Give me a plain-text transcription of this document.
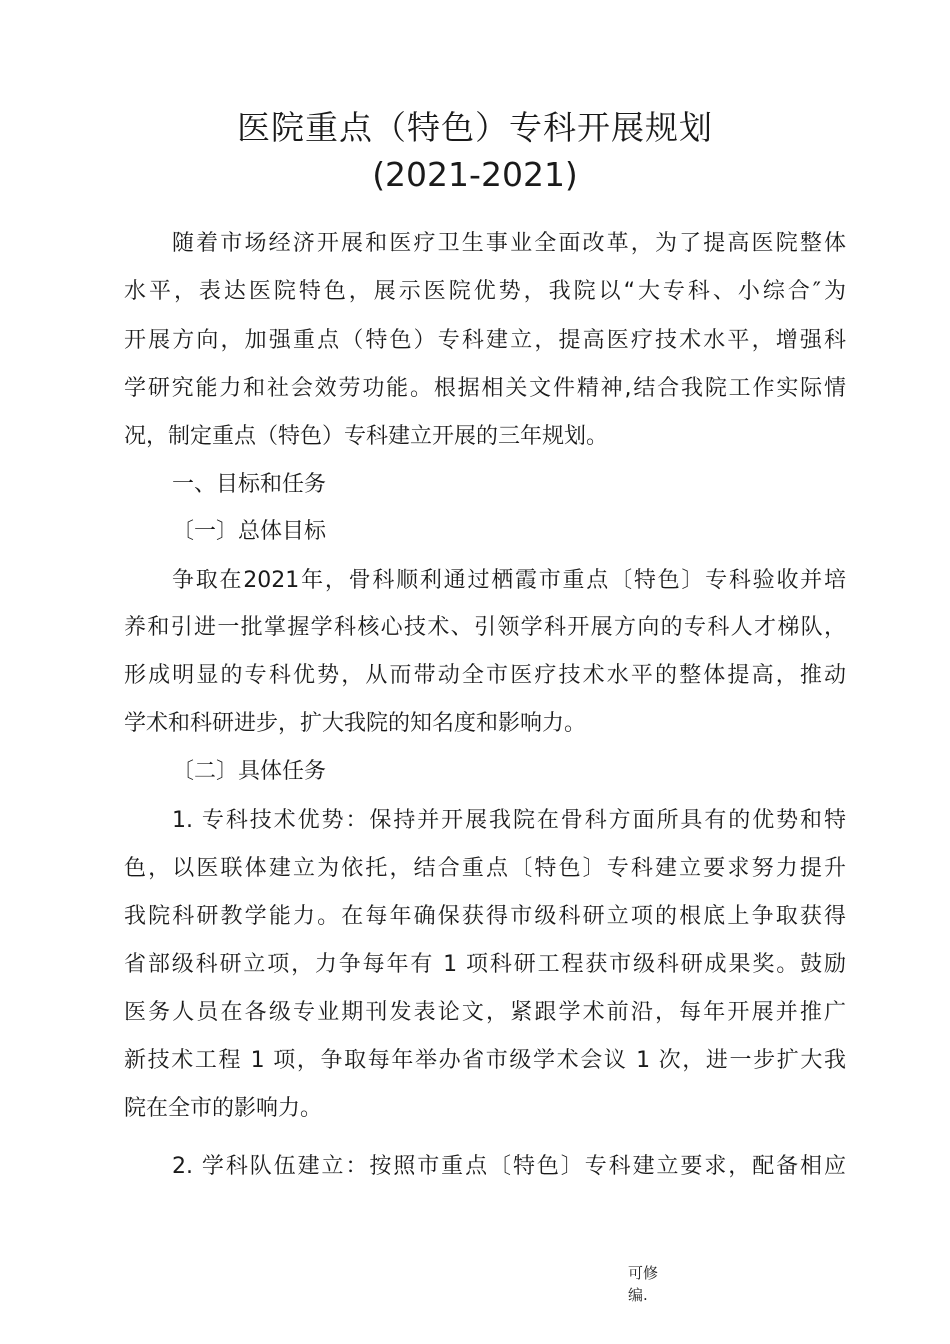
医院重点（特色）专科开展规划
(2021-2021)
随着市场经济开展和医疗卫生事业全面改革，为了提高医院整体
水平，表达医院特色，展示医院优势，我院以“大专科、小综合″为
开展方向，加强重点（特色）专科建立，提高医疗技术水平，增强科
学研究能力和社会效劳功能。根据相关文件精神,结合我院工作实际情
况，制定重点（特色）专科建立开展的三年规划。
一、目标和任务
〔一〕总体目标
争取在2021年，骨科顺利通过栖霞市重点〔特色〕专科验收并培
养和引进一批掌握学科核心技术、引领学科开展方向的专科人才梯队，
形成明显的专科优势，从而带动全市医疗技术水平的整体提高，推动
学术和科研进步，扩大我院的知名度和影响力。
〔二〕具体任务
1. 专科技术优势：保持并开展我院在骨科方面所具有的优势和特
色，以医联体建立为依托，结合重点〔特色〕专科建立要求努力提升
我院科研教学能力。在每年确保获得市级科研立项的根底上争取获得
省部级科研立项，力争每年有 1 项科研工程获市级科研成果奖。鼓励
医务人员在各级专业期刊发表论文，紧跟学术前沿，每年开展并推广
新技术工程 1 项，争取每年举办省市级学术会议 1 次，进一步扩大我
院在全市的影响力。
2. 学科队伍建立：按照市重点〔特色〕专科建立要求，配备相应
可修
编.
